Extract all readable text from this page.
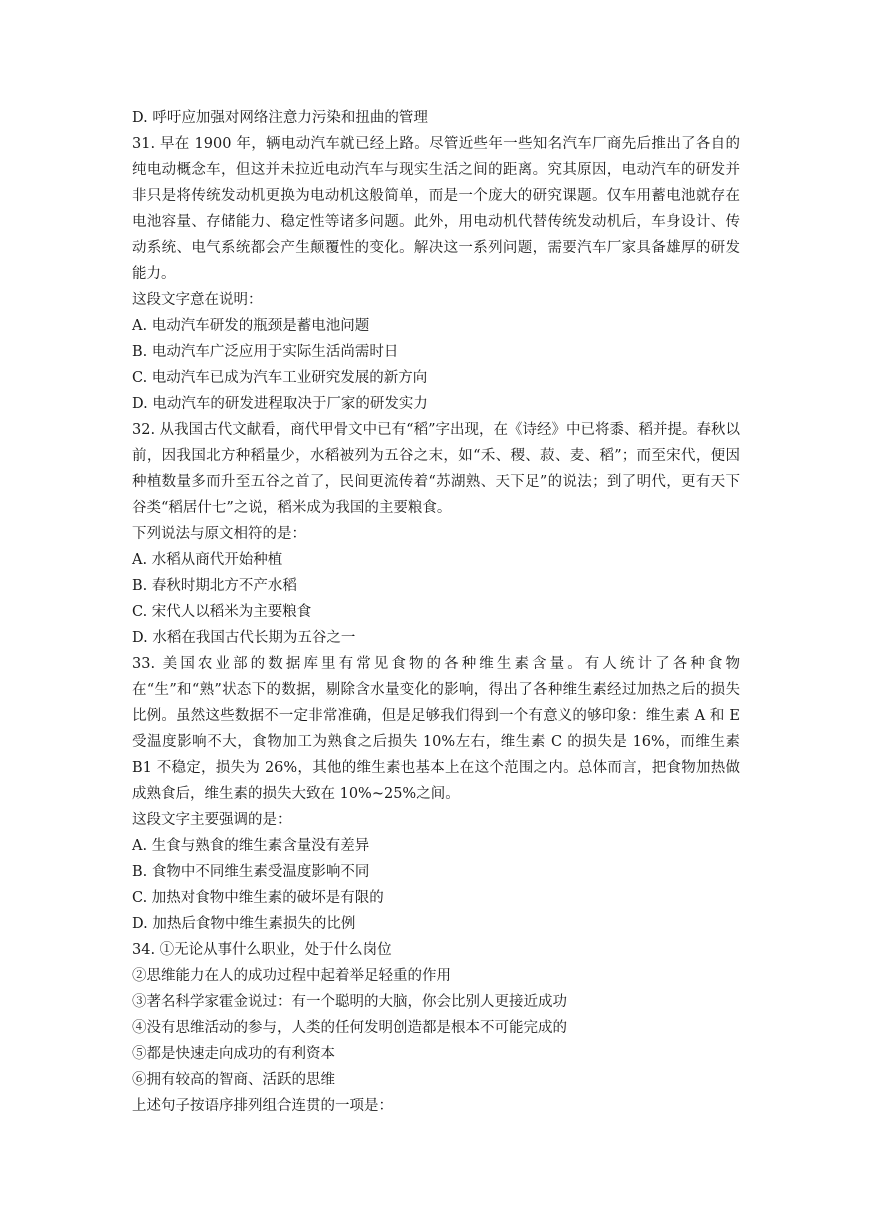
D. 呼吁应加强对网络注意力污染和扭曲的管理

31. 早在 1900 年，辆电动汽车就已经上路。尽管近些年一些知名汽车厂商先后推出了各自的纯电动概念车，但这并未拉近电动汽车与现实生活之间的距离。究其原因，电动汽车的研发并非只是将传统发动机更换为电动机这般简单，而是一个庞大的研究课题。仅车用蓄电池就存在电池容量、存储能力、稳定性等诸多问题。此外，用电动机代替传统发动机后，车身设计、传动系统、电气系统都会产生颠覆性的变化。解决这一系列问题，需要汽车厂家具备雄厚的研发能力。

这段文字意在说明：

A. 电动汽车研发的瓶颈是蓄电池问题

B. 电动汽车广泛应用于实际生活尚需时日

C. 电动汽车已成为汽车工业研究发展的新方向

D. 电动汽车的研发进程取决于厂家的研发实力

32. 从我国古代文献看，商代甲骨文中已有“稻”字出现，在《诗经》中已将黍、稻并提。春秋以前，因我国北方种稻量少，水稻被列为五谷之末，如“禾、稷、菽、麦、稻”；而至宋代，便因种植数量多而升至五谷之首了，民间更流传着“苏湖熟、天下足”的说法；到了明代，更有天下谷类“稻居什七”之说，稻米成为我国的主要粮食。

下列说法与原文相符的是：

A. 水稻从商代开始种植

B. 春秋时期北方不产水稻

C. 宋代人以稻米为主要粮食

D. 水稻在我国古代长期为五谷之一

33. 美国农业部的数据库里有常见食物的各种维生素含量。有人统计了各种食物在“生”和“熟”状态下的数据，剔除含水量变化的影响，得出了各种维生素经过加热之后的损失比例。虽然这些数据不一定非常准确，但是足够我们得到一个有意义的够印象：维生素 A 和 E 受温度影响不大，食物加工为熟食之后损失 10%左右，维生素 C 的损失是 16%，而维生素 B1 不稳定，损失为 26%，其他的维生素也基本上在这个范围之内。总体而言，把食物加热做成熟食后，维生素的损失大致在 10%~25%之间。

这段文字主要强调的是：

A. 生食与熟食的维生素含量没有差异

B. 食物中不同维生素受温度影响不同

C. 加热对食物中维生素的破坏是有限的

D. 加热后食物中维生素损失的比例

34. ①无论从事什么职业，处于什么岗位

②思维能力在人的成功过程中起着举足轻重的作用

③著名科学家霍金说过：有一个聪明的大脑，你会比别人更接近成功

④没有思维活动的参与，人类的任何发明创造都是根本不可能完成的

⑤都是快速走向成功的有利资本

⑥拥有较高的智商、活跃的思维

上述句子按语序排列组合连贯的一项是：
